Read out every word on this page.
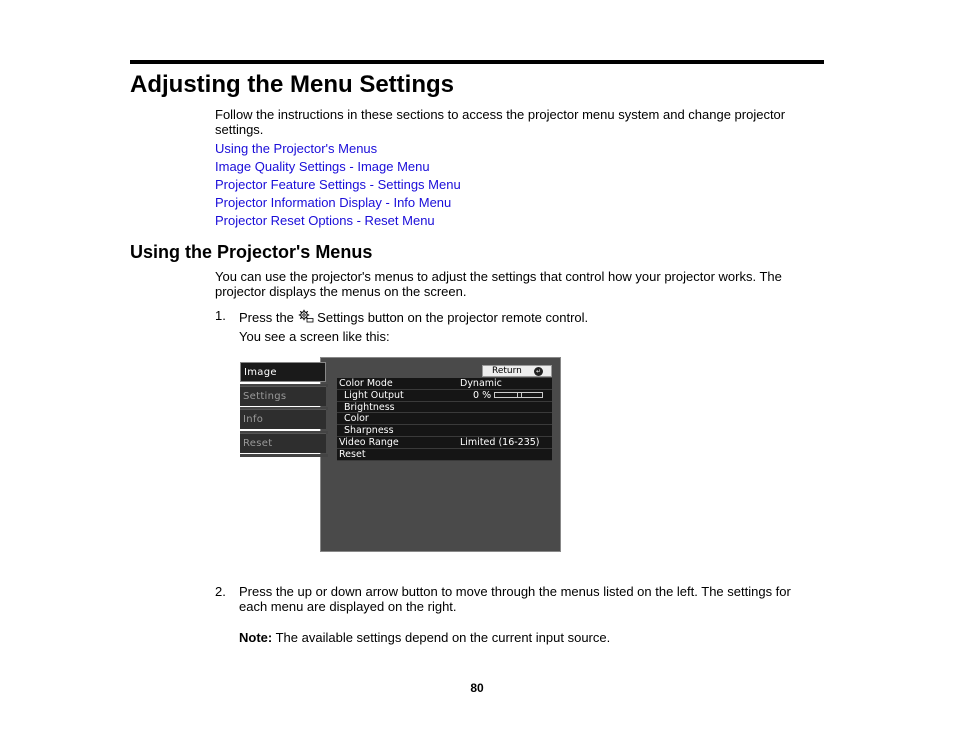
Adjusting the Menu Settings

Follow the instructions in these sections to access the projector menu system and change projector settings.

Using the Projector's Menus
Image Quality Settings - Image Menu
Projector Feature Settings - Settings Menu
Projector Information Display - Info Menu
Projector Reset Options - Reset Menu
Using the Projector's Menus

You can use the projector's menus to adjust the settings that control how your projector works. The projector displays the menus on the screen.

1. Press the Settings button on the projector remote control.
You see a screen like this:
Return	↵
Color Mode	Dynamic
Light Output	0 %
Brightness
Color
Sharpness
Video Range	Limited (16-235)
Reset
Image
Settings
Info
Reset
2. Press the up or down arrow button to move through the menus listed on the left. The settings for each menu are displayed on the right.
Note: The available settings depend on the current input source.
80
